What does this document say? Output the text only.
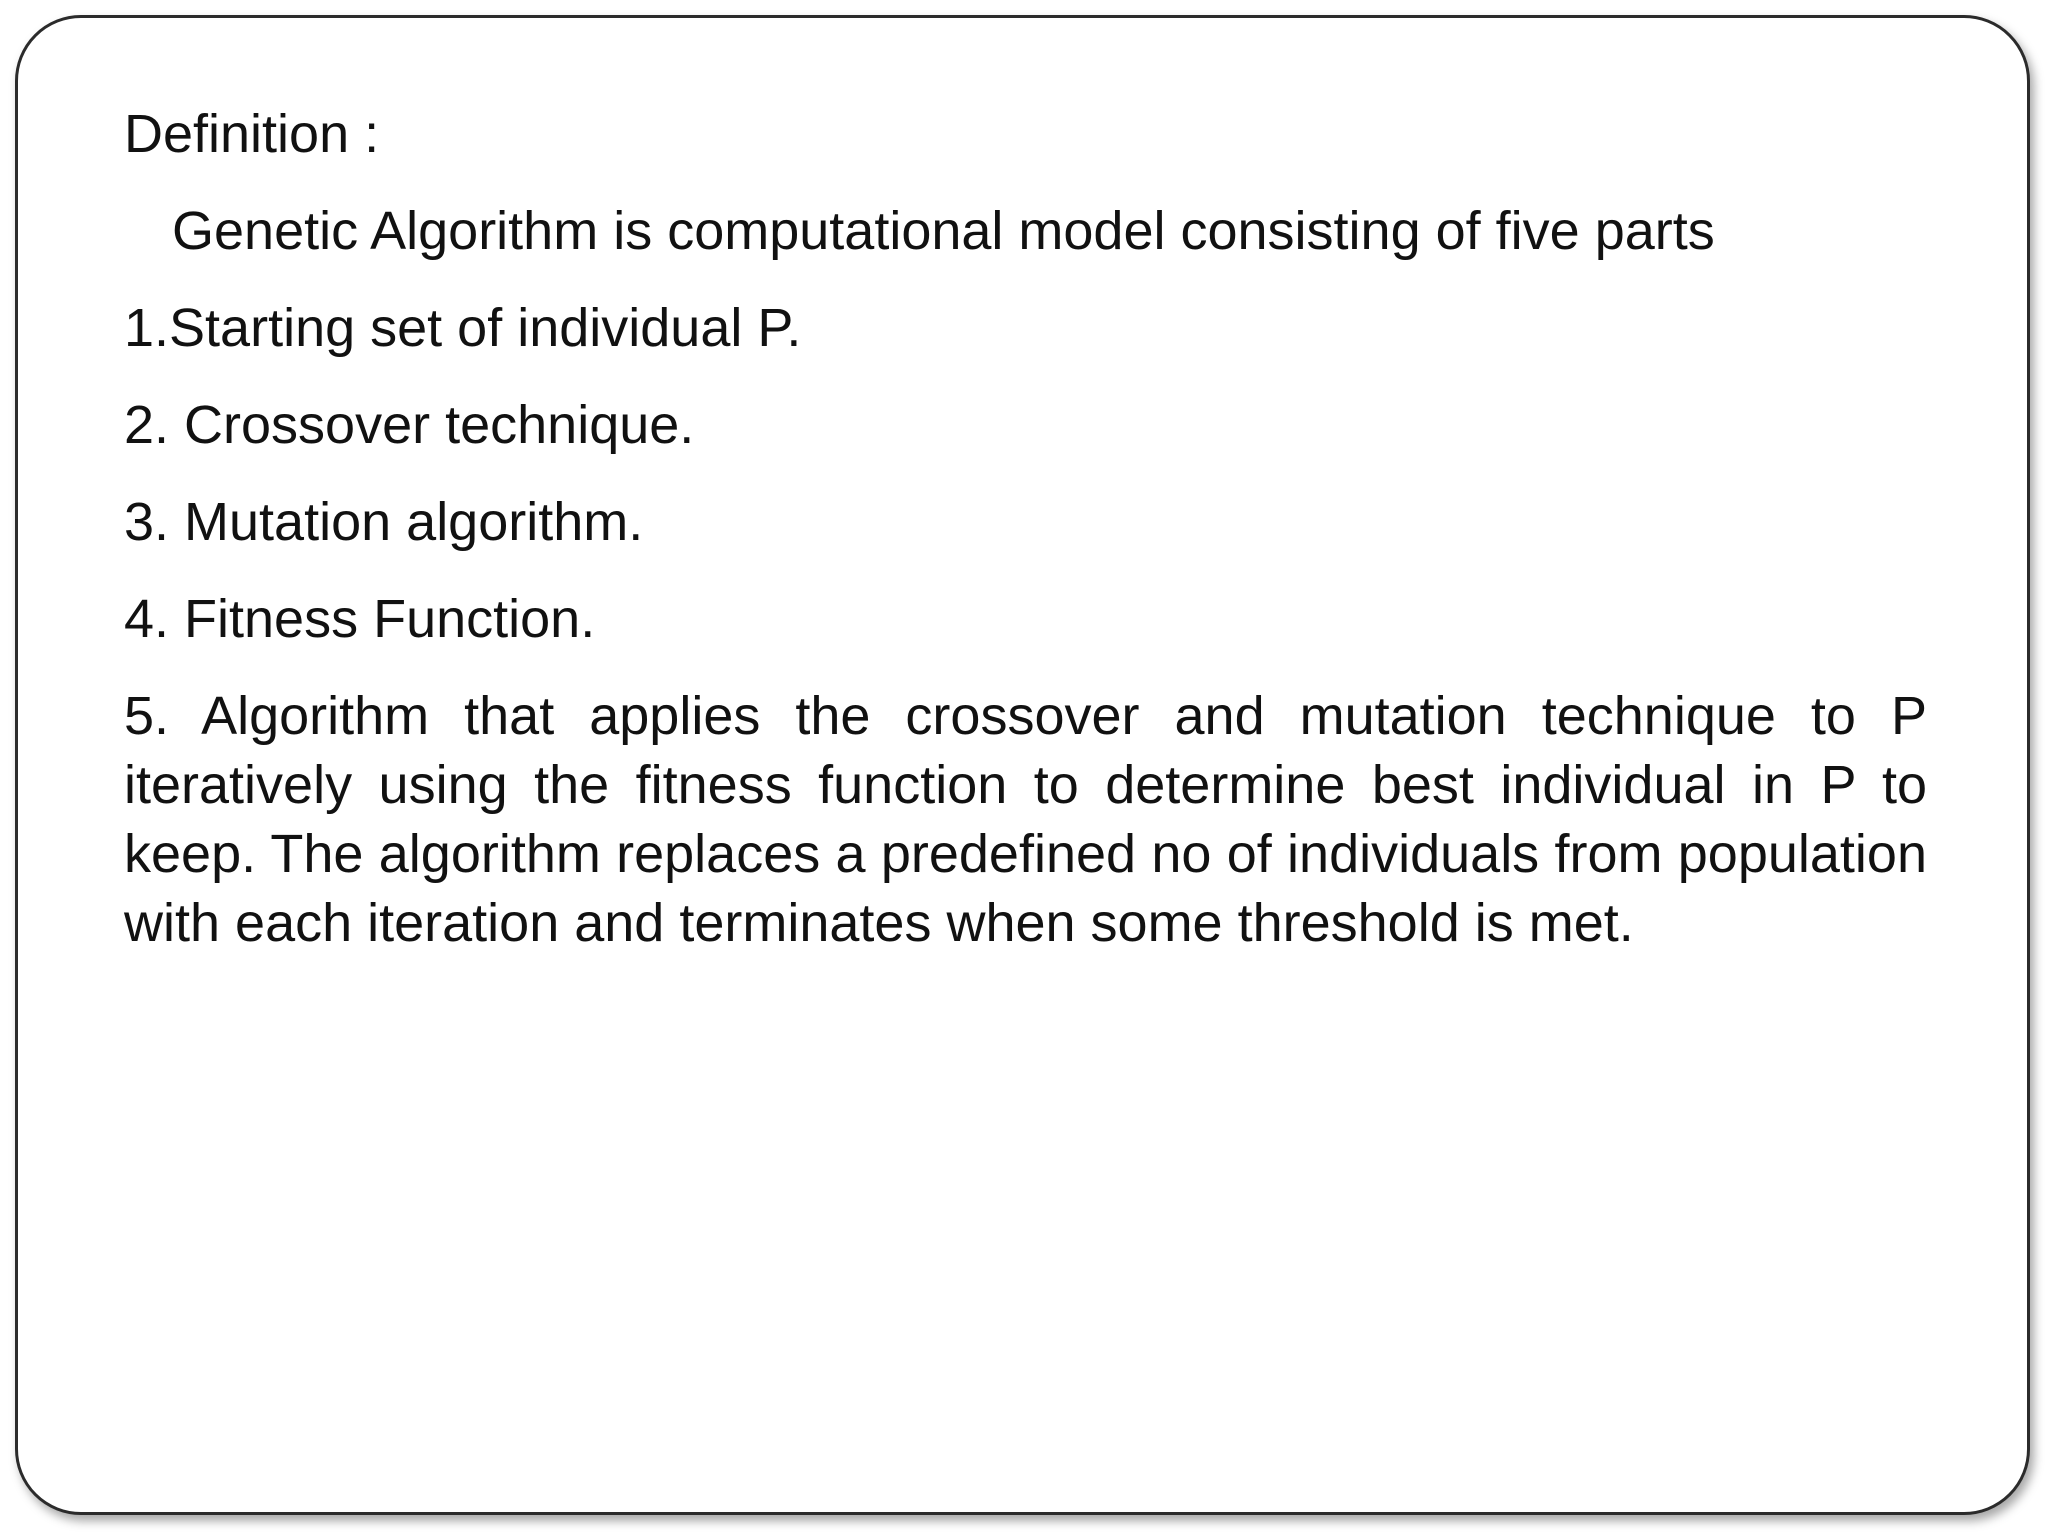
Definition :
Genetic Algorithm is computational model consisting of five parts
1.Starting set of individual P.
2. Crossover technique.
3. Mutation algorithm.
4. Fitness Function.
5. Algorithm that applies the crossover and mutation technique to P iteratively using the fitness function to determine best individual in P to keep. The algorithm replaces a predefined no of individuals from population with each iteration and terminates when some threshold is met.
